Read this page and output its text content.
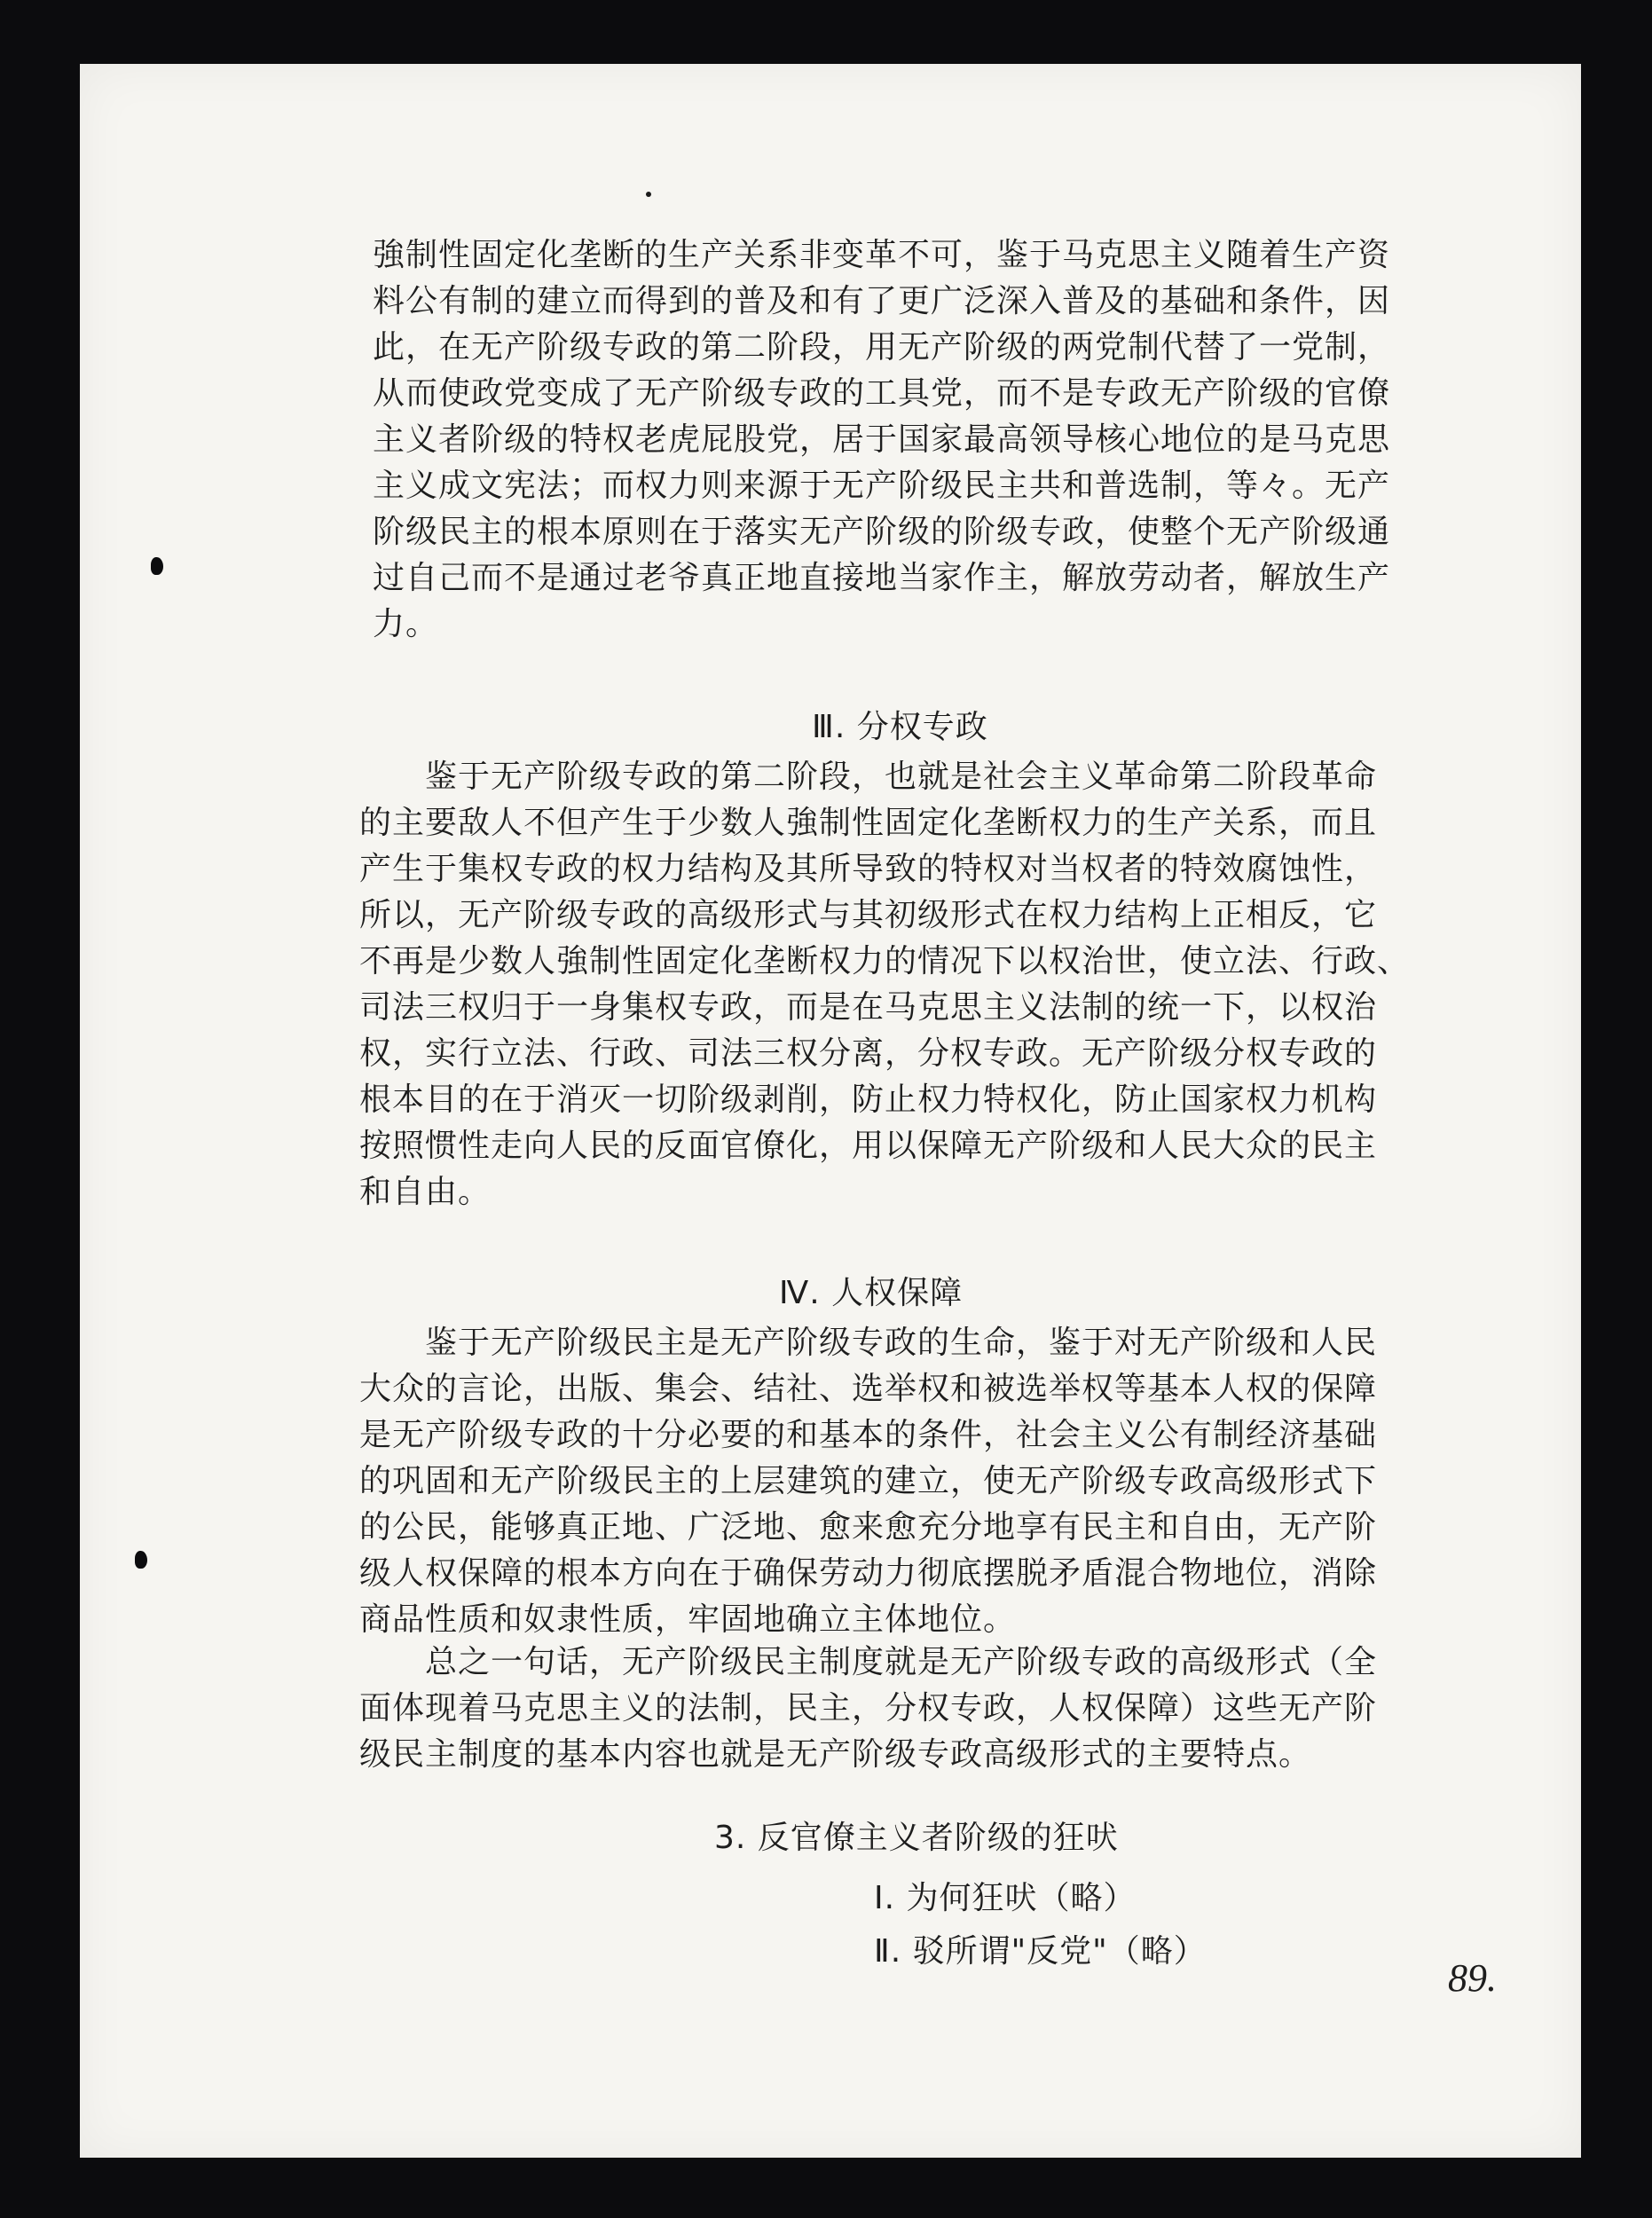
強制性固定化垄断的生产关系非变革不可，鉴于马克思主义随着生产资
料公有制的建立而得到的普及和有了更广泛深入普及的基础和条件，因
此，在无产阶级专政的第二阶段，用无产阶级的两党制代替了一党制，
从而使政党变成了无产阶级专政的工具党，而不是专政无产阶级的官僚
主义者阶级的特权老虎屁股党，居于国家最高领导核心地位的是马克思
主义成文宪法；而权力则来源于无产阶级民主共和普选制，等々。无产
阶级民主的根本原则在于落实无产阶级的阶级专政，使整个无产阶级通
过自己而不是通过老爷真正地直接地当家作主，解放劳动者，解放生产
力。

Ⅲ. 分权专政

　　鉴于无产阶级专政的第二阶段，也就是社会主义革命第二阶段革命
的主要敌人不但产生于少数人強制性固定化垄断权力的生产关系，而且
产生于集权专政的权力结构及其所导致的特权对当权者的特效腐蚀性，
所以，无产阶级专政的高级形式与其初级形式在权力结构上正相反，它
不再是少数人強制性固定化垄断权力的情况下以权治世，使立法、行政、
司法三权归于一身集权专政，而是在马克思主义法制的统一下，以权治
权，实行立法、行政、司法三权分离，分权专政。无产阶级分权专政的
根本目的在于消灭一切阶级剥削，防止权力特权化，防止国家权力机构
按照惯性走向人民的反面官僚化，用以保障无产阶级和人民大众的民主
和自由。

Ⅳ. 人权保障

　　鉴于无产阶级民主是无产阶级专政的生命，鉴于对无产阶级和人民
大众的言论，出版、集会、结社、选举权和被选举权等基本人权的保障
是无产阶级专政的十分必要的和基本的条件，社会主义公有制经济基础
的巩固和无产阶级民主的上层建筑的建立，使无产阶级专政高级形式下
的公民，能够真正地、广泛地、愈来愈充分地享有民主和自由，无产阶
级人权保障的根本方向在于确保劳动力彻底摆脱矛盾混合物地位，消除
商品性质和奴隶性质，牢固地确立主体地位。

　　总之一句话，无产阶级民主制度就是无产阶级专政的高级形式（全
面体现着马克思主义的法制，民主，分权专政，人权保障）这些无产阶
级民主制度的基本内容也就是无产阶级专政高级形式的主要特点。

3. 反官僚主义者阶级的狂吠

Ⅰ. 为何狂吠（略）

Ⅱ. 驳所谓"反党"（略）

89.
